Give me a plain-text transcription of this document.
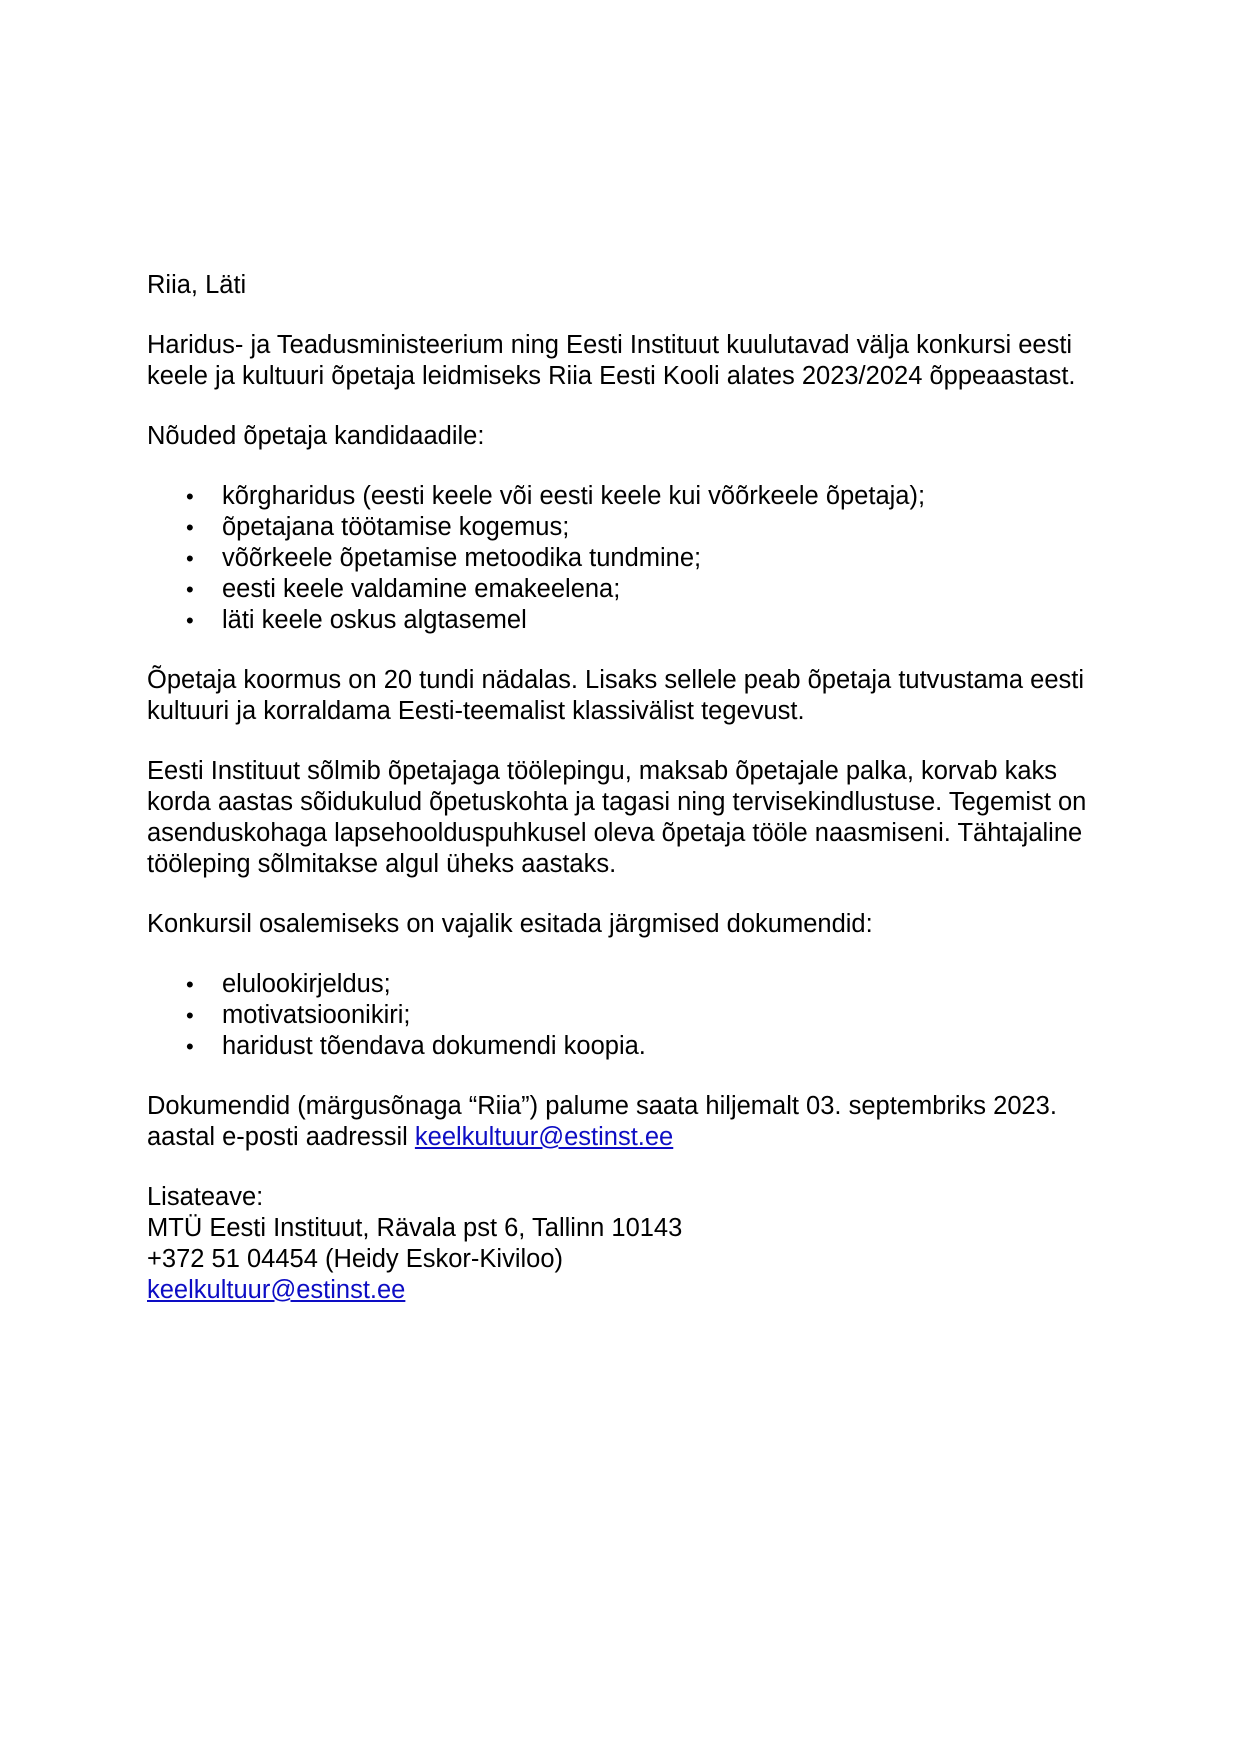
Riia, Läti

Haridus- ja Teadusministeerium ning Eesti Instituut kuulutavad välja konkursi eesti keele ja kultuuri õpetaja leidmiseks Riia Eesti Kooli alates 2023/2024 õppeaastast.

Nõuded õpetaja kandidaadile:

• kõrgharidus (eesti keele või eesti keele kui võõrkeele õpetaja);
• õpetajana töötamise kogemus;
• võõrkeele õpetamise metoodika tundmine;
• eesti keele valdamine emakeelena;
• läti keele oskus algtasemel

Õpetaja koormus on 20 tundi nädalas. Lisaks sellele peab õpetaja tutvustama eesti kultuuri ja korraldama Eesti-teemalist klassivälist tegevust.

Eesti Instituut sõlmib õpetajaga töölepingu, maksab õpetajale palka, korvab kaks korda aastas sõidukulud õpetuskohta ja tagasi ning tervisekindlustuse. Tegemist on asenduskohaga lapsehoolduspuhkusel oleva õpetaja tööle naasmiseni. Tähtajaline tööleping sõlmitakse algul üheks aastaks.

Konkursil osalemiseks on vajalik esitada järgmised dokumendid:

• elulookirjeldus;
• motivatsioonikiri;
• haridust tõendava dokumendi koopia.

Dokumendid (märgusõnaga “Riia”) palume saata hiljemalt 03. septembriks 2023. aastal e-posti aadressil keelkultuur@estinst.ee

Lisateave:

MTÜ Eesti Instituut, Rävala pst 6, Tallinn 10143

+372 51 04454 (Heidy Eskor-Kiviloo)

keelkultuur@estinst.ee
